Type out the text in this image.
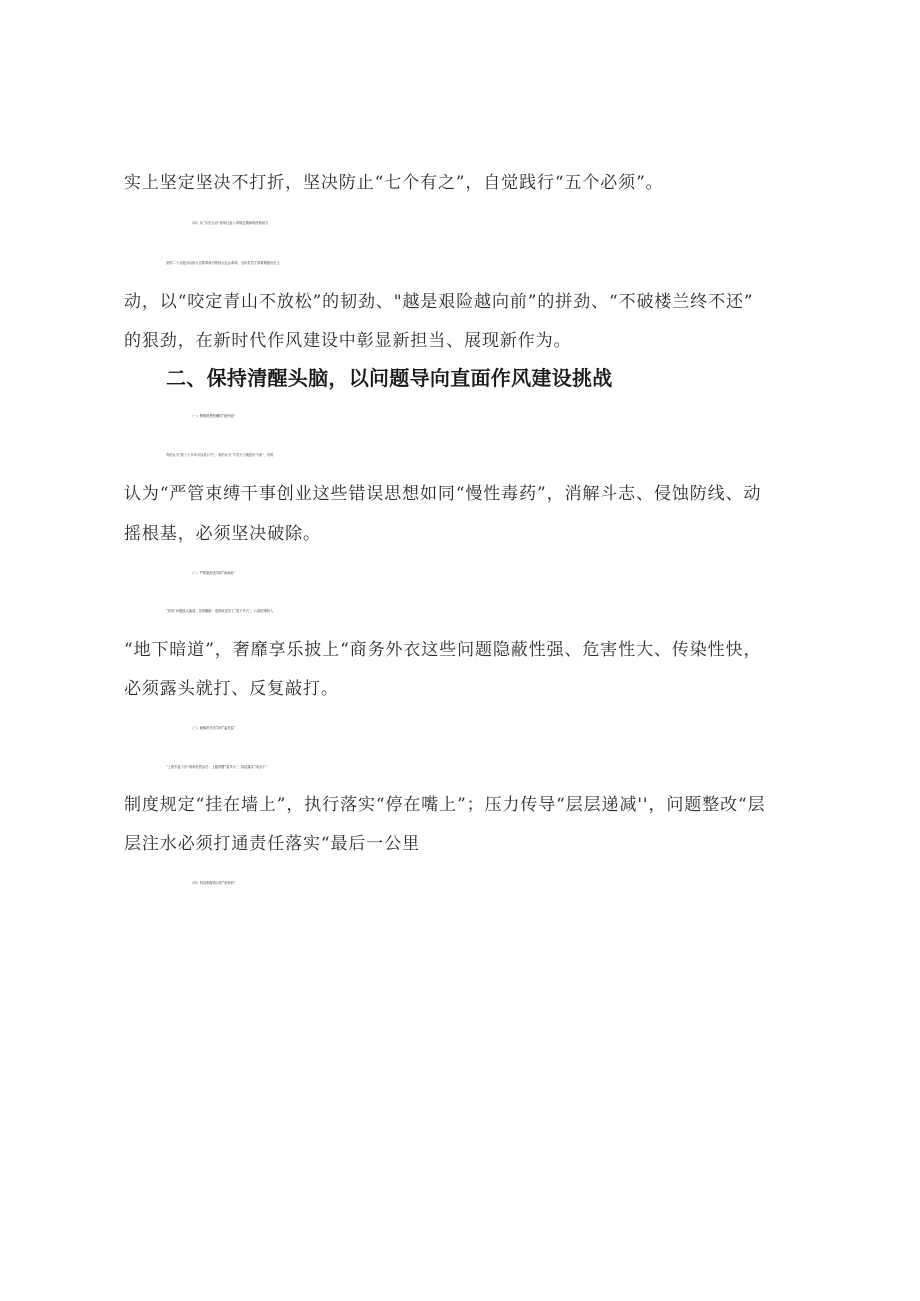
实上坚定坚决不打折，坚决防止“七个有之”，自觉践行“五个必须”。
（四）从“历史主动''视角扛起八项规定精神的使命担当
党的二十大提出以伟大自我革命引领伟大社会革命。全体党员干部要增强历史主
动，以“咬定青山不放松”的韧劲、"越是艰险越向前”的拼劲、“不破楼兰终不还”
的狠劲，在新时代作风建设中彰显新担当、展现新作为。
二、保持清醒头脑，以问题导向直面作风建设挑战
（一）警惕思想松懈的“疲劳症”
有的认为“抓了十多年可以松口气”，有的认为“不贪不占就是好干部”，有的
认为“严管束缚干事创业这些错误思想如同“慢性毒药”，消解斗志、侵蚀防线、动
摇根基，必须坚决破除。
（二）严防隐形变异的“新病灶”
“四风”问题改头换面、花样翻新：违规收送穿上“电子外衣”，公款吃喝转入
“地下暗道”，奢靡享乐披上“商务外衣这些问题隐蔽性强、危害性大、传染性快，
必须露头就打、反复敲打。
（三）破解责任传导的“温差层”
“上热中温下冷”现象依然存在：上级部署“雷声大”，基层落实“雨点小“；
制度规定“挂在墙上”，执行落实“停在嘴上”；压力传导“层层递减''，问题整改“层
层注水必须打通责任落实“最后一公里
（四）纠治制度执行的“宽松软”
